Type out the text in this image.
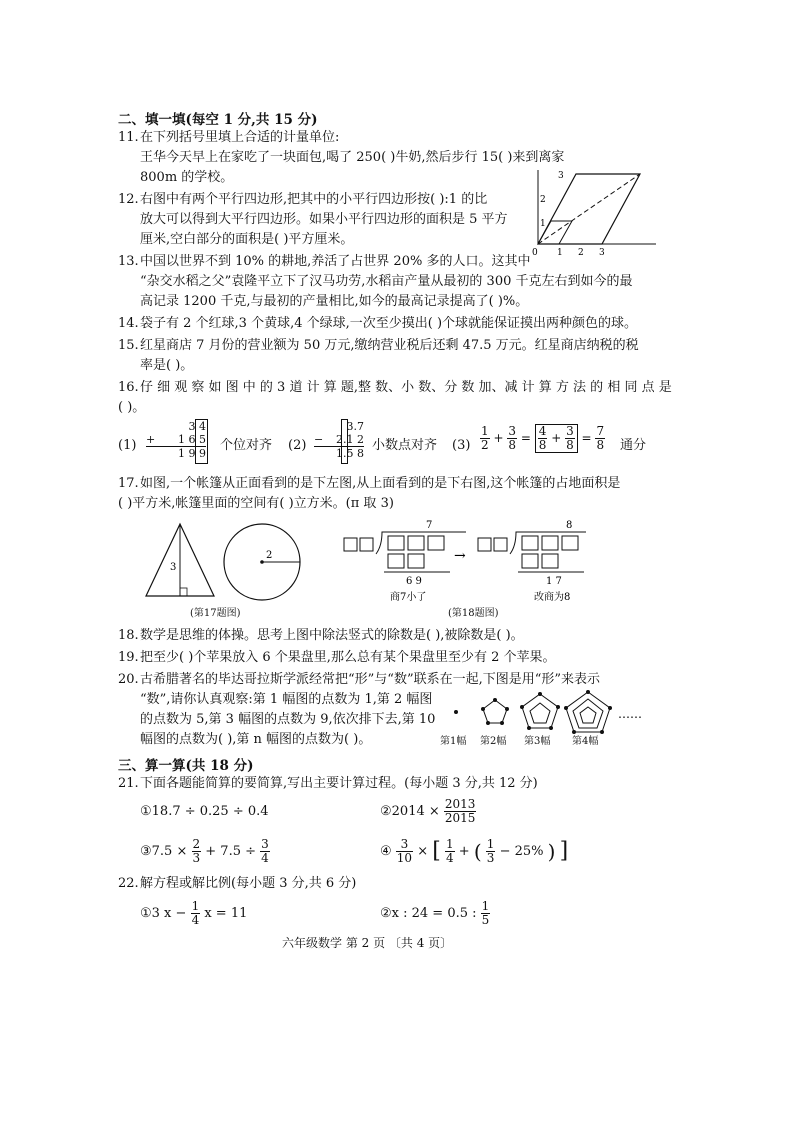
二、填一填(每空 1 分,共 15 分)
11.在下列括号里填上合适的计量单位:
王华今天早上在家吃了一块面包,喝了 250( )牛奶,然后步行 15( )来到离家
800m 的学校。
12.右图中有两个平行四边形,把其中的小平行四边形按( ):1 的比
放大可以得到大平行四边形。如果小平行四边形的面积是 5 平方
厘米,空白部分的面积是( )平方厘米。
0 1 2 3
1
2
3
13.中国以世界不到 10% 的耕地,养活了占世界 20% 多的人口。这其中
“杂交水稻之父”袁隆平立下了汉马功劳,水稻亩产量从最初的 300 千克左右到如今的最
高记录 1200 千克,与最初的产量相比,如今的最高记录提高了( )%。
14.袋子有 2 个红球,3 个黄球,4 个绿球,一次至少摸出( )个球就能保证摸出两种颜色的球。
15.红星商店 7 月份的营业额为 50 万元,缴纳营业税后还剩 47.5 万元。红星商店纳税的税
率是( )。
16.仔 细 观 察 如 图 中 的 3 道 计 算 题,整 数、小 数、分 数 加、减 计 算 方 法 的 相 同 点 是
( )。
(1)
3 4
+ 1 6 5
1 9 9
个位对齐 (2)
3.7
− 2.1 2
1.5 8
小数点对齐 $(3) \frac{1}{2} + \frac{3}{8} = \frac{4}{8} + \frac{3}{8} = \frac{7}{8}$ 通分
17.如图,一个帐篷从正面看到的是下左图,从上面看到的是下右图,这个帐篷的占地面积是
( )平方米,帐篷里面的空间有( )立方米。(π 取 3)
3
2
(第17题图)
7
6 9
→
8
1 7
商7小了	改商为8
(第18题图)
18.数学是思维的体操。思考上图中除法竖式的除数是( ),被除数是( )。
19.把至少( )个苹果放入 6 个果盘里,那么总有某个果盘里至少有 2 个苹果。
20.古希腊著名的毕达哥拉斯学派经常把“形”与“数”联系在一起,下图是用“形”来表示
“数”,请你认真观察:第 1 幅图的点数为 1,第 2 幅图
的点数为 5,第 3 幅图的点数为 9,依次排下去,第 10
幅图的点数为( ),第 n 幅图的点数为( )。
……
第1幅 第2幅 第3幅 第4幅
三、算一算(共 18 分)
21.下面各题能简算的要简算,写出主要计算过程。(每小题 3 分,共 12 分)
①18.7 ÷ 0.25 ÷ 0.4	②2014 × $\frac{2013}{2015}$
③7.5 × $\frac{2}{3} + 7.5 \div \frac{3}{4}$	④ $\frac{3}{10}$ × [ $\frac{1}{4}$ + ( $\frac{1}{3} - 25\%$ ) ]
22.解方程或解比例(每小题 3 分,共 6 分)
①3 $x - \frac{1}{4}$ x = 11	②x : 24 = 0.5 : $\frac{1}{5}$
六年级数学 第 2 页 〔共 4 页〕
